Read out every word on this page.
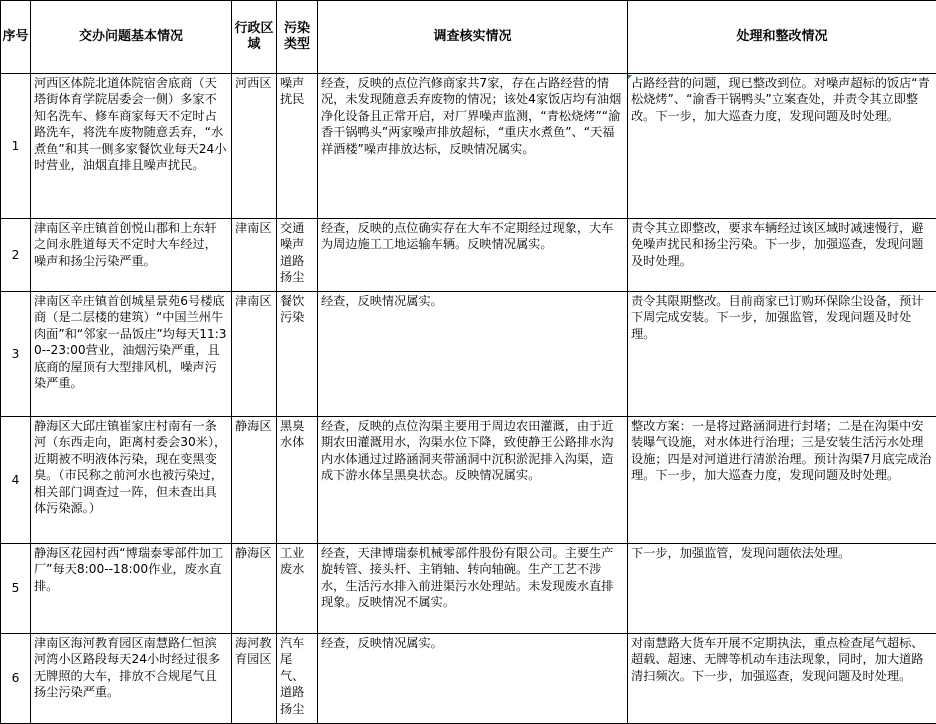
序号	交办问题基本情况	行政区域	污染类型	调查核实情况	处理和整改情况
1	河西区体院北道体院宿舍底商（天塔街体育学院居委会一侧）多家不知名洗车、修车商家每天不定时占路洗车，将洗车废物随意丢弃，“水煮鱼”和其一侧多家餐饮业每天24小时营业，油烟直排且噪声扰民。	河西区	噪声扰民	经查，反映的点位汽修商家共7家，存在占路经营的情况，未发现随意丢弃废物的情况；该处4家饭店均有油烟净化设备且正常开启，对厂界噪声监测，“青松烧烤”“渝香干锅鸭头”两家噪声排放超标，“重庆水煮鱼”、“天福祥酒楼”噪声排放达标，反映情况属实。	占路经营的问题，现已整改到位。对噪声超标的饭店“青松烧烤”、“渝香干锅鸭头”立案查处，并责令其立即整改。下一步，加大巡查力度，发现问题及时处理。
2	津南区辛庄镇首创悦山郡和上东轩之间永胜道每天不定时大车经过，噪声和扬尘污染严重。	津南区	交通噪声道路扬尘	经查，反映的点位确实存在大车不定期经过现象，大车为周边施工工地运输车辆。反映情况属实。	责令其立即整改，要求车辆经过该区域时减速慢行，避免噪声扰民和扬尘污染。下一步，加强巡查，发现问题及时处理。
3	津南区辛庄镇首创城星景苑6号楼底商（是二层楼的建筑）“中国兰州牛肉面”和“邻家一品饭庄”均每天11:30--23:00营业，油烟污染严重，且底商的屋顶有大型排风机，噪声污染严重。	津南区	餐饮污染	经查，反映情况属实。	责令其限期整改。目前商家已订购环保除尘设备，预计下周完成安装。下一步，加强监管，发现问题及时处理。
4	静海区大邱庄镇崔家庄村南有一条河（东西走向，距离村委会30米），近期被不明液体污染，现在变黑变臭。（市民称之前河水也被污染过，相关部门调查过一阵，但未查出具体污染源。）	静海区	黑臭水体	经查，反映的点位沟渠主要用于周边农田灌溉，由于近期农田灌溉用水，沟渠水位下降，致使静王公路排水沟内水体通过过路涵洞夹带涵洞中沉积淤泥排入沟渠，造成下游水体呈黑臭状态。反映情况属实。	整改方案：一是将过路涵洞进行封堵；二是在沟渠中安装曝气设施，对水体进行治理；三是安装生活污水处理设施；四是对河道进行清淤治理。预计沟渠7月底完成治理。下一步，加大巡查力度，发现问题及时处理。
5	静海区花园村西“博瑞泰零部件加工厂”每天8:00--18:00作业，废水直排。	静海区	工业废水	经查，天津博瑞泰机械零部件股份有限公司。主要生产旋转管、接头杆、主销轴、转向轴碗。生产工艺不涉水，生活污水排入前进渠污水处理站。未发现废水直排现象。反映情况不属实。	下一步，加强监管，发现问题依法处理。
6	津南区海河教育园区南慧路仁恒滨河湾小区路段每天24小时经过很多无牌照的大车，排放不合规尾气且扬尘污染严重。	海河教育园区	汽车尾气、道路扬尘	经查，反映情况属实。	对南慧路大货车开展不定期执法，重点检查尾气超标、超载、超速、无牌等机动车违法现象，同时，加大道路清扫频次。下一步，加强巡查，发现问题及时处理。
